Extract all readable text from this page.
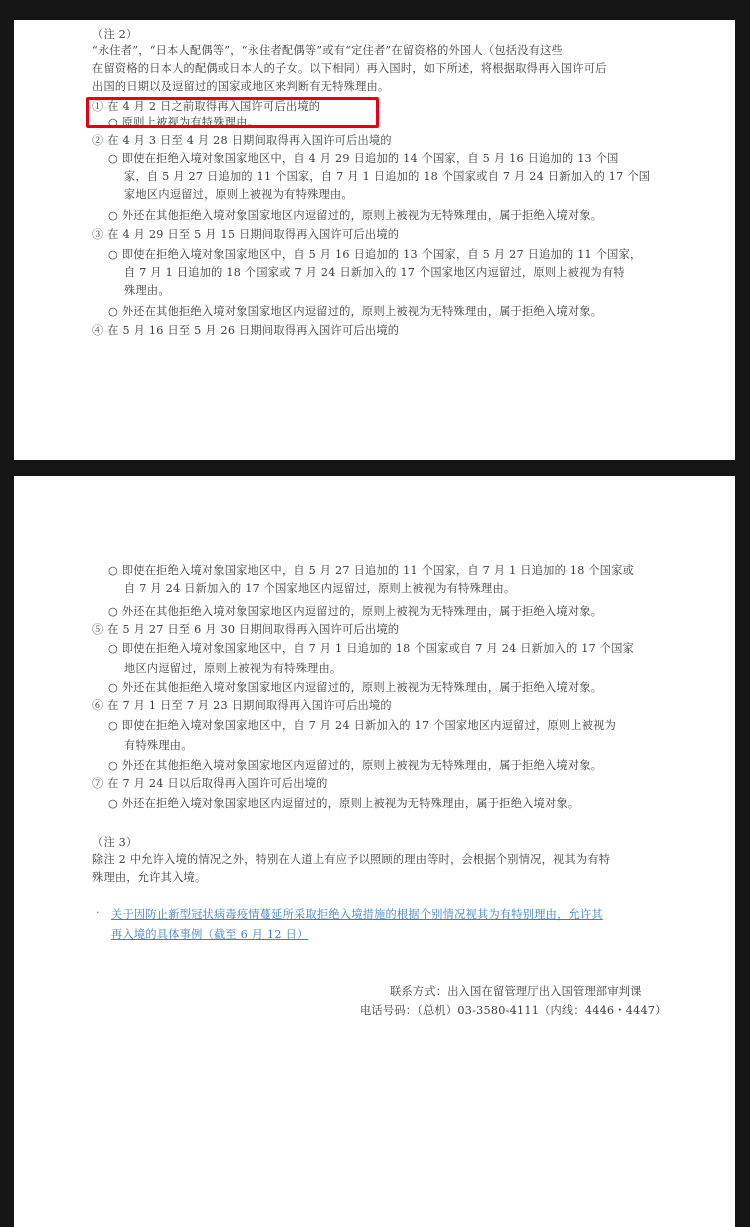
（注 2）
“永住者”，“日本人配偶等”，“永住者配偶等”或有“定住者”在留资格的外国人（包括没有这些
在留资格的日本人的配偶或日本人的子女。以下相同）再入国时，如下所述，将根据取得再入国许可后
出国的日期以及逗留过的国家或地区来判断有无特殊理由。
① 在 4 月 2 日之前取得再入国许可后出境的
○ 原则上被视为有特殊理由。
② 在 4 月 3 日至 4 月 28 日期间取得再入国许可后出境的
○ 即使在拒绝入境对象国家地区中，自 4 月 29 日追加的 14 个国家，自 5 月 16 日追加的 13 个国
家，自 5 月 27 日追加的 11 个国家，自 7 月 1 日追加的 18 个国家或自 7 月 24 日新加入的 17 个国
家地区内逗留过，原则上被视为有特殊理由。
○ 外还在其他拒绝入境对象国家地区内逗留过的，原则上被视为无特殊理由，属于拒绝入境对象。
③ 在 4 月 29 日至 5 月 15 日期间取得再入国许可后出境的
○ 即使在拒绝入境对象国家地区中，自 5 月 16 日追加的 13 个国家，自 5 月 27 日追加的 11 个国家，
自 7 月 1 日追加的 18 个国家或 7 月 24 日新加入的 17 个国家地区内逗留过，原则上被视为有特
殊理由。
○ 外还在其他拒绝入境对象国家地区内逗留过的，原则上被视为无特殊理由，属于拒绝入境对象。
④ 在 5 月 16 日至 5 月 26 日期间取得再入国许可后出境的
○ 即使在拒绝入境对象国家地区中，自 5 月 27 日追加的 11 个国家，自 7 月 1 日追加的 18 个国家或
自 7 月 24 日新加入的 17 个国家地区内逗留过，原则上被视为有特殊理由。
○ 外还在其他拒绝入境对象国家地区内逗留过的，原则上被视为无特殊理由，属于拒绝入境对象。
⑤ 在 5 月 27 日至 6 月 30 日期间取得再入国许可后出境的
○ 即使在拒绝入境对象国家地区中，自 7 月 1 日追加的 18 个国家或自 7 月 24 日新加入的 17 个国家
地区内逗留过，原则上被视为有特殊理由。
○ 外还在其他拒绝入境对象国家地区内逗留过的，原则上被视为无特殊理由，属于拒绝入境对象。
⑥ 在 7 月 1 日至 7 月 23 日期间取得再入国许可后出境的
○ 即使在拒绝入境对象国家地区中，自 7 月 24 日新加入的 17 个国家地区内逗留过，原则上被视为
有特殊理由。
○ 外还在其他拒绝入境对象国家地区内逗留过的，原则上被视为无特殊理由，属于拒绝入境对象。
⑦ 在 7 月 24 日以后取得再入国许可后出境的
○ 外还在拒绝入境对象国家地区内逗留过的，原则上被视为无特殊理由，属于拒绝入境对象。
（注 3）
除注 2 中允许入境的情况之外，特别在人道上有应予以照顾的理由等时，会根据个别情况，视其为有特
殊理由，允许其入境。
· 关于因防止新型冠状病毒疫情蔓延所采取拒绝入境措施的根据个别情况视其为有特别理由，允许其
再入境的具体事例（截至 6 月 12 日）
联系方式：出入国在留管理厅出入国管理部审判课
电话号码：（总机）03-3580-4111（内线：4446・4447）
